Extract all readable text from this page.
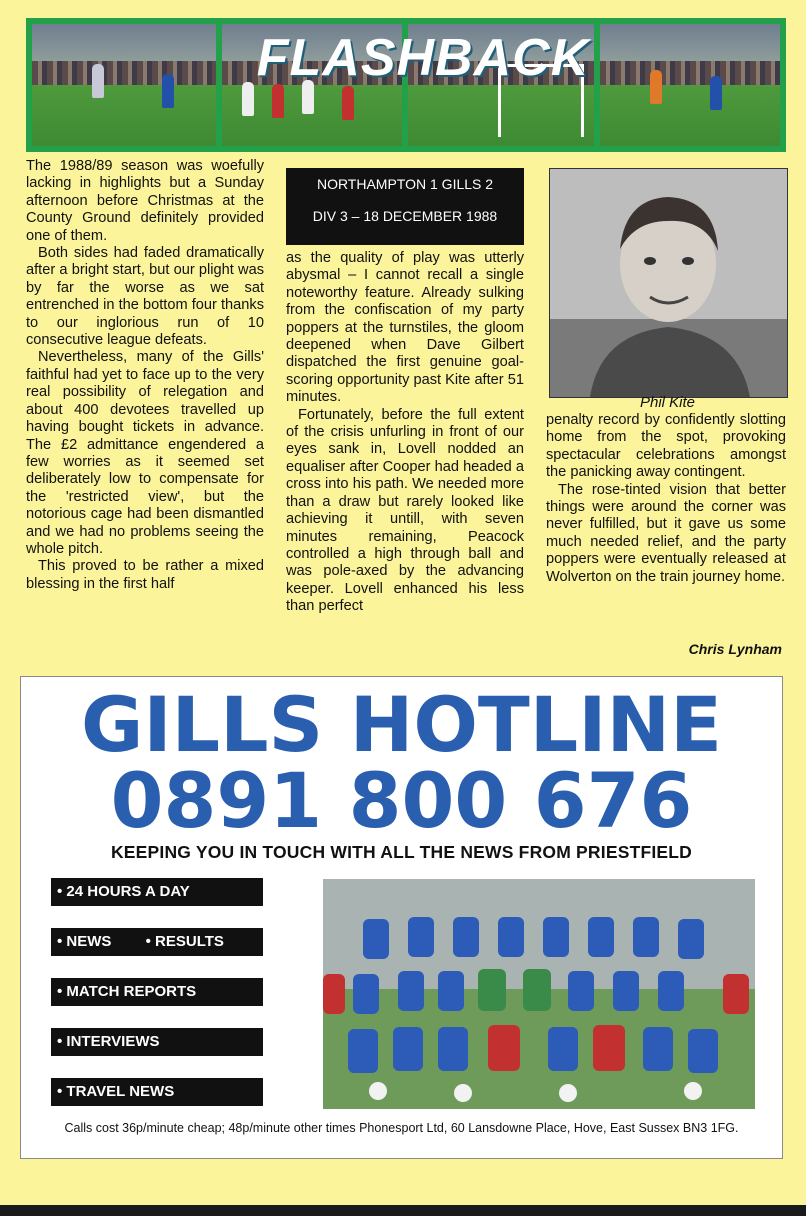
FLASHBACK

The 1988/89 season was woefully lacking in highlights but a Sunday afternoon before Christmas at the County Ground definitely provided one of them.

Both sides had faded dramatically after a bright start, but our plight was by far the worse as we sat entrenched in the bottom four thanks to our inglorious run of 10 consecutive league defeats.

Nevertheless, many of the Gills' faithful had yet to face up to the very real possibility of relegation and about 400 devotees travelled up having bought tickets in advance. The £2 admittance engendered a few worries as it seemed set deliberately low to compensate for the 'restricted view', but the notorious cage had been dismantled and we had no problems seeing the whole pitch.

This proved to be rather a mixed blessing in the first half

NORTHAMPTON 1 GILLS 2
DIV 3 – 18 DECEMBER 1988

as the quality of play was utterly abysmal – I cannot recall a single noteworthy feature. Already sulking from the confiscation of my party poppers at the turnstiles, the gloom deepened when Dave Gilbert dispatched the first genuine goal-scoring opportunity past Kite after 51 minutes.

Fortunately, before the full extent of the crisis unfurling in front of our eyes sank in, Lovell nodded an equaliser after Cooper had headed a cross into his path. We needed more than a draw but rarely looked like achieving it untill, with seven minutes remaining, Peacock controlled a high through ball and was pole-axed by the advancing keeper. Lovell enhanced his less than perfect

Phil Kite

penalty record by confidently slotting home from the spot, provoking spectacular celebrations amongst the panicking away contingent.

The rose-tinted vision that better things were around the corner was never fulfilled, but it gave us some much needed relief, and the party poppers were eventually released at Wolverton on the train journey home.

Chris Lynham
GILLS HOTLINE
0891 800 676
KEEPING YOU IN TOUCH WITH ALL THE NEWS FROM PRIESTFIELD
• 24 HOURS A DAY
• NEWS • RESULTS
• MATCH REPORTS
• INTERVIEWS
• TRAVEL NEWS
Calls cost 36p/minute cheap; 48p/minute other times Phonesport Ltd, 60 Lansdowne Place, Hove, East Sussex BN3 1FG.
